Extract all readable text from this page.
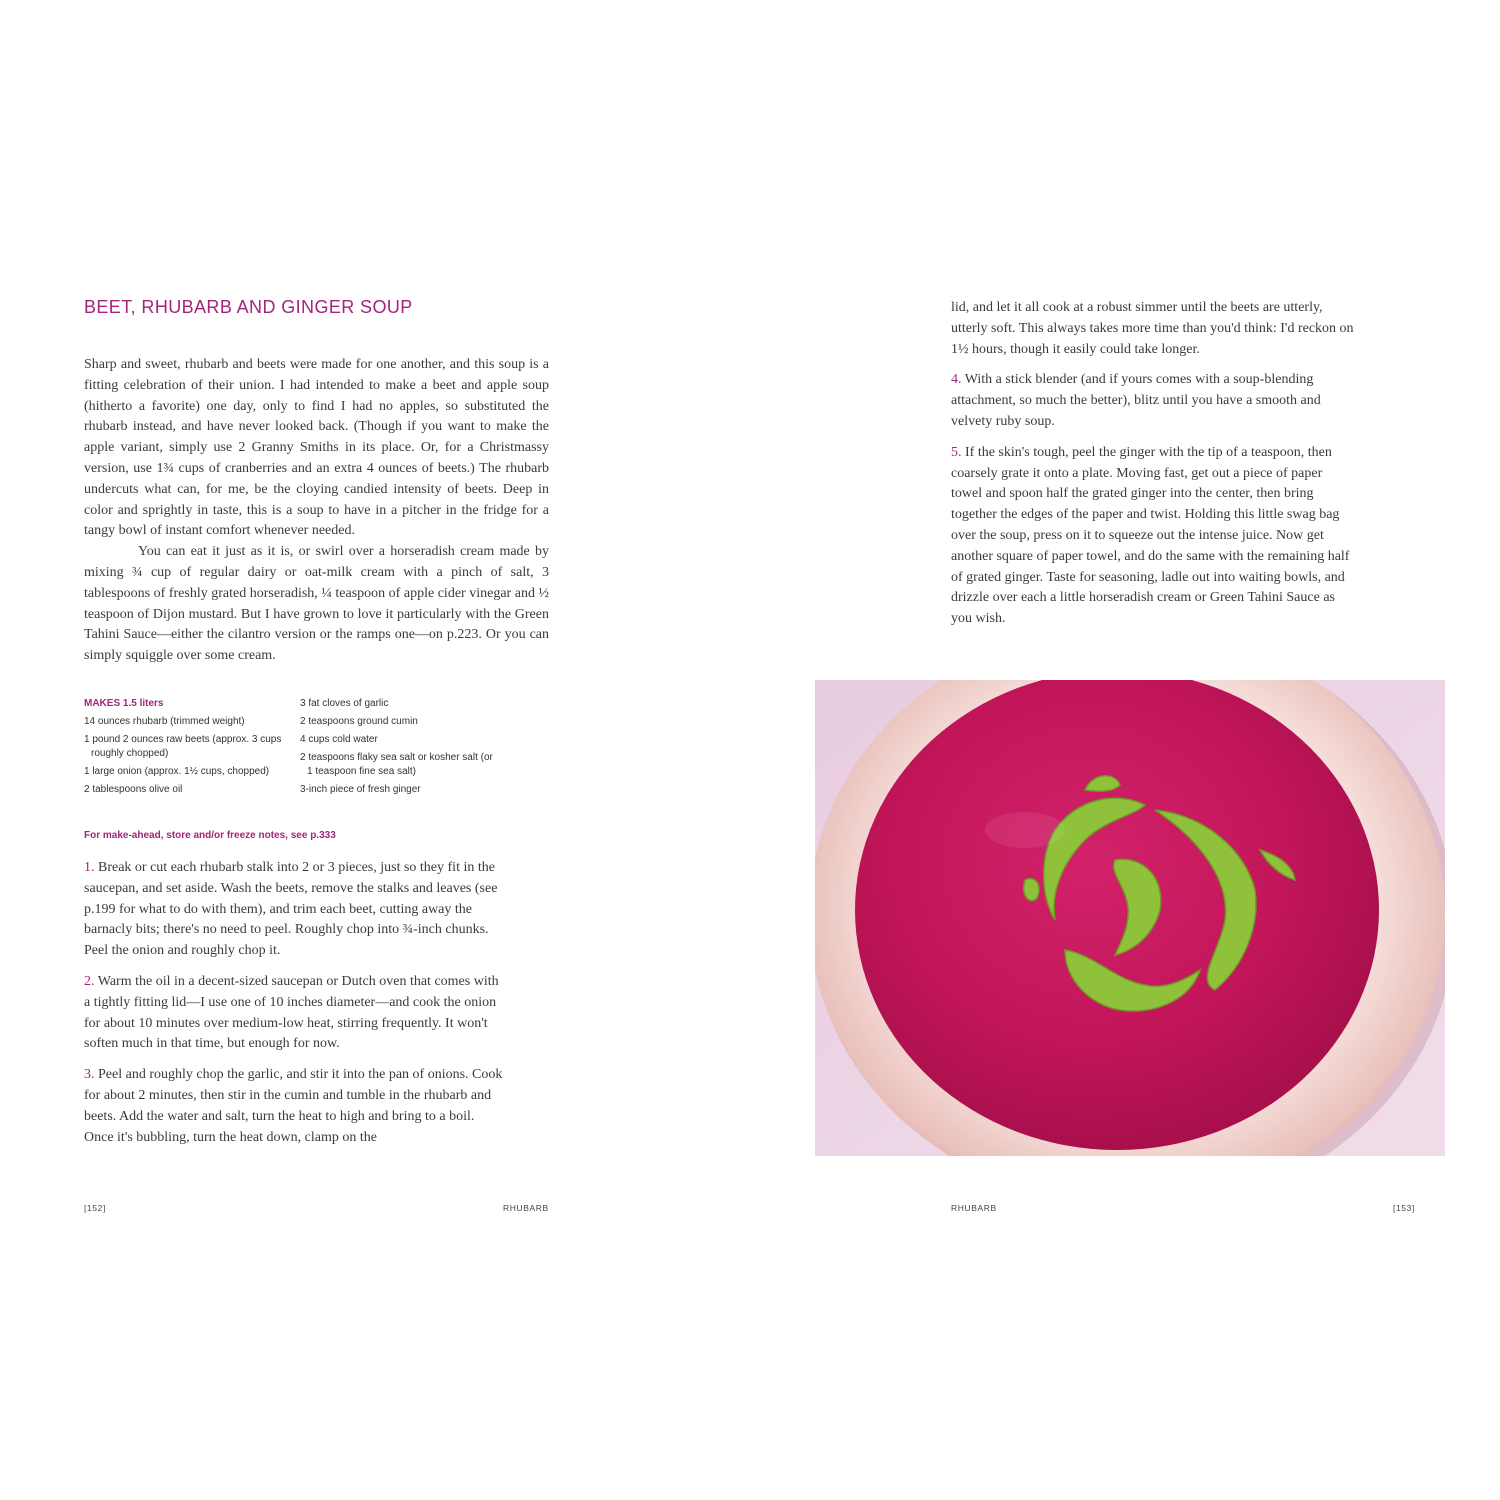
BEET, RHUBARB AND GINGER SOUP

Sharp and sweet, rhubarb and beets were made for one another, and this soup is a fitting celebration of their union. I had intended to make a beet and apple soup (hitherto a favorite) one day, only to find I had no apples, so substituted the rhubarb instead, and have never looked back. (Though if you want to make the apple variant, simply use 2 Granny Smiths in its place. Or, for a Christmassy version, use 1¾ cups of cranberries and an extra 4 ounces of beets.) The rhubarb undercuts what can, for me, be the cloying candied intensity of beets. Deep in color and sprightly in taste, this is a soup to have in a pitcher in the fridge for a tangy bowl of instant comfort whenever needed.

You can eat it just as it is, or swirl over a horseradish cream made by mixing ¾ cup of regular dairy or oat-milk cream with a pinch of salt, 3 tablespoons of freshly grated horseradish, ¼ teaspoon of apple cider vinegar and ½ teaspoon of Dijon mustard. But I have grown to love it particularly with the Green Tahini Sauce—either the cilantro version or the ramps one—on p.223. Or you can simply squiggle over some cream.

MAKES 1.5 liters
14 ounces rhubarb (trimmed weight)
1 pound 2 ounces raw beets (approx. 3 cups roughly chopped)
1 large onion (approx. 1½ cups, chopped)
2 tablespoons olive oil
3 fat cloves of garlic
2 teaspoons ground cumin
4 cups cold water
2 teaspoons flaky sea salt or kosher salt (or 1 teaspoon fine sea salt)
3-inch piece of fresh ginger
For make-ahead, store and/or freeze notes, see p.333

1. Break or cut each rhubarb stalk into 2 or 3 pieces, just so they fit in the saucepan, and set aside. Wash the beets, remove the stalks and leaves (see p.199 for what to do with them), and trim each beet, cutting away the barnacly bits; there's no need to peel. Roughly chop into ¾-inch chunks. Peel the onion and roughly chop it.

2. Warm the oil in a decent-sized saucepan or Dutch oven that comes with a tightly fitting lid—I use one of 10 inches diameter—and cook the onion for about 10 minutes over medium-low heat, stirring frequently. It won't soften much in that time, but enough for now.

3. Peel and roughly chop the garlic, and stir it into the pan of onions. Cook for about 2 minutes, then stir in the cumin and tumble in the rhubarb and beets. Add the water and salt, turn the heat to high and bring to a boil. Once it's bubbling, turn the heat down, clamp on the

[152]	RHUBARB

lid, and let it all cook at a robust simmer until the beets are utterly, utterly soft. This always takes more time than you'd think: I'd reckon on 1½ hours, though it easily could take longer.

4. With a stick blender (and if yours comes with a soup-blending attachment, so much the better), blitz until you have a smooth and velvety ruby soup.

5. If the skin's tough, peel the ginger with the tip of a teaspoon, then coarsely grate it onto a plate. Moving fast, get out a piece of paper towel and spoon half the grated ginger into the center, then bring together the edges of the paper and twist. Holding this little swag bag over the soup, press on it to squeeze out the intense juice. Now get another square of paper towel, and do the same with the remaining half of grated ginger. Taste for seasoning, ladle out into waiting bowls, and drizzle over each a little horseradish cream or Green Tahini Sauce as you wish.

RHUBARB	[153]
